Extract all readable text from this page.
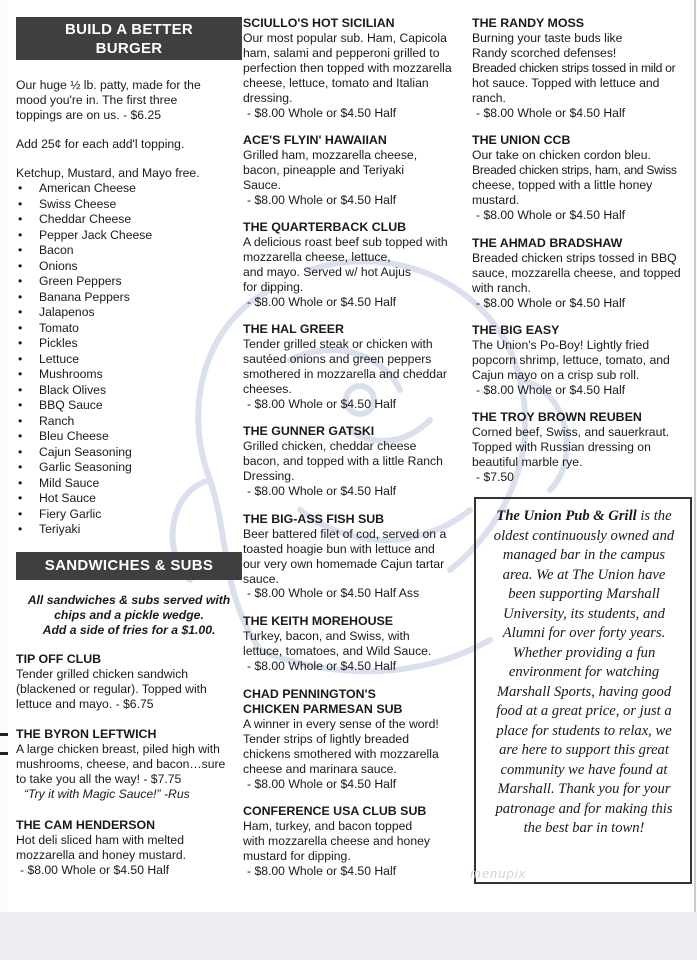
BUILD A BETTER
BURGER
Our huge ½ lb. patty, made for the
mood you're in. The first three
toppings are on us. - $6.25
Add 25¢ for each add'l topping.
Ketchup, Mustard, and Mayo free.
• American Cheese
• Swiss Cheese
• Cheddar Cheese
• Pepper Jack Cheese
• Bacon
• Onions
• Green Peppers
• Banana Peppers
• Jalapenos
• Tomato
• Pickles
• Lettuce
• Mushrooms
• Black Olives
• BBQ Sauce
• Ranch
• Bleu Cheese
• Cajun Seasoning
• Garlic Seasoning
• Mild Sauce
• Hot Sauce
• Fiery Garlic
• Teriyaki
SANDWICHES & SUBS
All sandwiches & subs served with
chips and a pickle wedge.
Add a side of fries for a $1.00.
TIP OFF CLUB
Tender grilled chicken sandwich
(blackened or regular). Topped with
lettuce and mayo. - $6.75
THE BYRON LEFTWICH
A large chicken breast, piled high with
mushrooms, cheese, and bacon…sure
to take you all the way! - $7.75
“Try it with Magic Sauce!” -Rus
THE CAM HENDERSON
Hot deli sliced ham with melted
mozzarella and honey mustard.
- $8.00 Whole or $4.50 Half
SCIULLO'S HOT SICILIAN
Our most popular sub. Ham, Capicola
ham, salami and pepperoni grilled to
perfection then topped with mozzarella
cheese, lettuce, tomato and Italian
dressing.
- $8.00 Whole or $4.50 Half
ACE'S FLYIN' HAWAIIAN
Grilled ham, mozzarella cheese,
bacon, pineapple and Teriyaki
Sauce.
- $8.00 Whole or $4.50 Half
THE QUARTERBACK CLUB
A delicious roast beef sub topped with
mozzarella cheese, lettuce,
and mayo. Served w/ hot Aujus
for dipping.
- $8.00 Whole or $4.50 Half
THE HAL GREER
Tender grilled steak or chicken with
sautéed onions and green peppers
smothered in mozzarella and cheddar
cheeses.
- $8.00 Whole or $4.50 Half
THE GUNNER GATSKI
Grilled chicken, cheddar cheese
bacon, and topped with a little Ranch
Dressing.
- $8.00 Whole or $4.50 Half
THE BIG-ASS FISH SUB
Beer battered filet of cod, served on a
toasted hoagie bun with lettuce and
our very own homemade Cajun tartar
sauce.
- $8.00 Whole or $4.50 Half Ass
THE KEITH MOREHOUSE
Turkey, bacon, and Swiss, with
lettuce, tomatoes, and Wild Sauce.
- $8.00 Whole or $4.50 Half
CHAD PENNINGTON'S
CHICKEN PARMESAN SUB
A winner in every sense of the word!
Tender strips of lightly breaded
chickens smothered with mozzarella
cheese and marinara sauce.
- $8.00 Whole or $4.50 Half
CONFERENCE USA CLUB SUB
Ham, turkey, and bacon topped
with mozzarella cheese and honey
mustard for dipping.
- $8.00 Whole or $4.50 Half
THE RANDY MOSS
Burning your taste buds like
Randy scorched defenses!
Breaded chicken strips tossed in mild or
hot sauce. Topped with lettuce and
ranch.
- $8.00 Whole or $4.50 Half
THE UNION CCB
Our take on chicken cordon bleu.
Breaded chicken strips, ham, and Swiss
cheese, topped with a little honey
mustard.
- $8.00 Whole or $4.50 Half
THE AHMAD BRADSHAW
Breaded chicken strips tossed in BBQ
sauce, mozzarella cheese, and topped
with ranch.
- $8.00 Whole or $4.50 Half
THE BIG EASY
The Union's Po-Boy! Lightly fried
popcorn shrimp, lettuce, tomato, and
Cajun mayo on a crisp sub roll.
- $8.00 Whole or $4.50 Half
THE TROY BROWN REUBEN
Corned beef, Swiss, and sauerkraut.
Topped with Russian dressing on
beautiful marble rye.
- $7.50
The Union Pub & Grill is the oldest continuously owned and managed bar in the campus area. We at The Union have been supporting Marshall University, its students, and Alumni for over forty years. Whether providing a fun environment for watching Marshall Sports, having good food at a great price, or just a place for students to relax, we are here to support this great community we have found at Marshall. Thank you for your patronage and for making this the best bar in town!
menupix
